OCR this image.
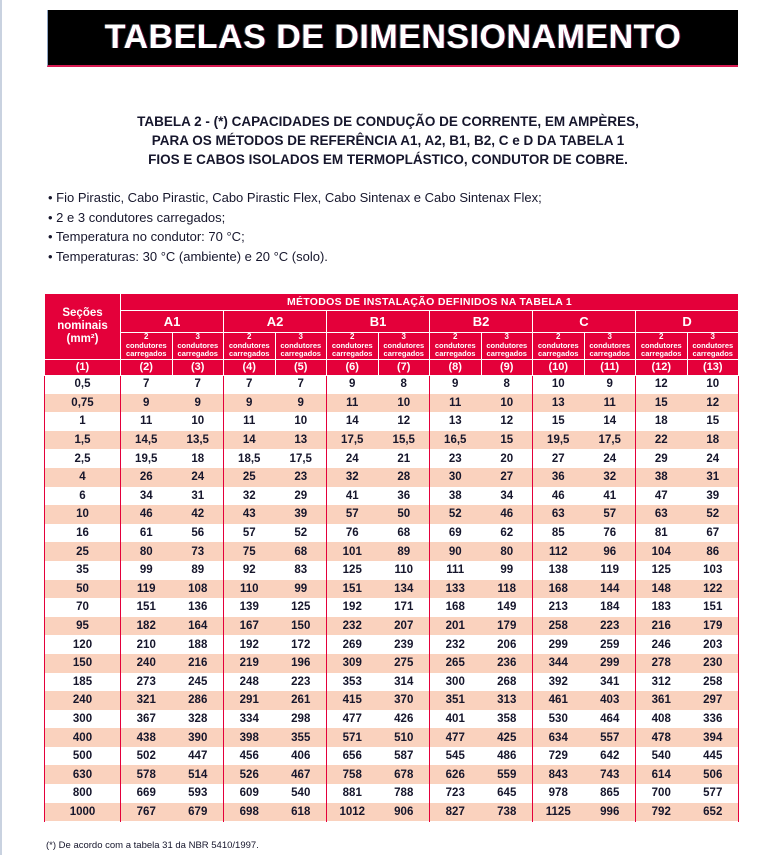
TABELAS DE DIMENSIONAMENTO
TABELA 2 - (*) CAPACIDADES DE CONDUÇÃO DE CORRENTE, EM AMPÈRES,
PARA OS MÉTODOS DE REFERÊNCIA A1, A2, B1, B2, C e D DA TABELA 1
FIOS E CABOS ISOLADOS EM TERMOPLÁSTICO, CONDUTOR DE COBRE.
• Fio Pirastic, Cabo Pirastic, Cabo Pirastic Flex, Cabo Sintenax e Cabo Sintenax Flex;
• 2 e 3 condutores carregados;
• Temperatura no condutor: 70 °C;
• Temperaturas: 30 °C (ambiente) e 20 °C (solo).
Seções
nominais
(mm²)	MÉTODOS DE INSTALAÇÃO DEFINIDOS NA TABELA 1											
	A1		A2		B1		B2		C		D	

	2
condutores
carregados	3
condutores
carregados	2
condutores
carregados	3
condutores
carregados	2
condutores
carregados	3
condutores
carregados	2
condutores
carregados	3
condutores
carregados	2
condutores
carregados	3
condutores
carregados	2
condutores
carregados	3
condutores
carregados
(1)	(2)	(3)	(4)	(5)	(6)	(7)	(8)	(9)	(10)	(11)	(12)	(13)
0,5	7	7	7	7	9	8	9	8	10	9	12	10
0,75	9	9	9	9	11	10	11	10	13	11	15	12
1	11	10	11	10	14	12	13	12	15	14	18	15
1,5	14,5	13,5	14	13	17,5	15,5	16,5	15	19,5	17,5	22	18
2,5	19,5	18	18,5	17,5	24	21	23	20	27	24	29	24
4	26	24	25	23	32	28	30	27	36	32	38	31
6	34	31	32	29	41	36	38	34	46	41	47	39
10	46	42	43	39	57	50	52	46	63	57	63	52
16	61	56	57	52	76	68	69	62	85	76	81	67
25	80	73	75	68	101	89	90	80	112	96	104	86
35	99	89	92	83	125	110	111	99	138	119	125	103
50	119	108	110	99	151	134	133	118	168	144	148	122
70	151	136	139	125	192	171	168	149	213	184	183	151
95	182	164	167	150	232	207	201	179	258	223	216	179
120	210	188	192	172	269	239	232	206	299	259	246	203
150	240	216	219	196	309	275	265	236	344	299	278	230
185	273	245	248	223	353	314	300	268	392	341	312	258
240	321	286	291	261	415	370	351	313	461	403	361	297
300	367	328	334	298	477	426	401	358	530	464	408	336
400	438	390	398	355	571	510	477	425	634	557	478	394
500	502	447	456	406	656	587	545	486	729	642	540	445
630	578	514	526	467	758	678	626	559	843	743	614	506
800	669	593	609	540	881	788	723	645	978	865	700	577
1000	767	679	698	618	1012	906	827	738	1125	996	792	652
(*) De acordo com a tabela 31 da NBR 5410/1997.
